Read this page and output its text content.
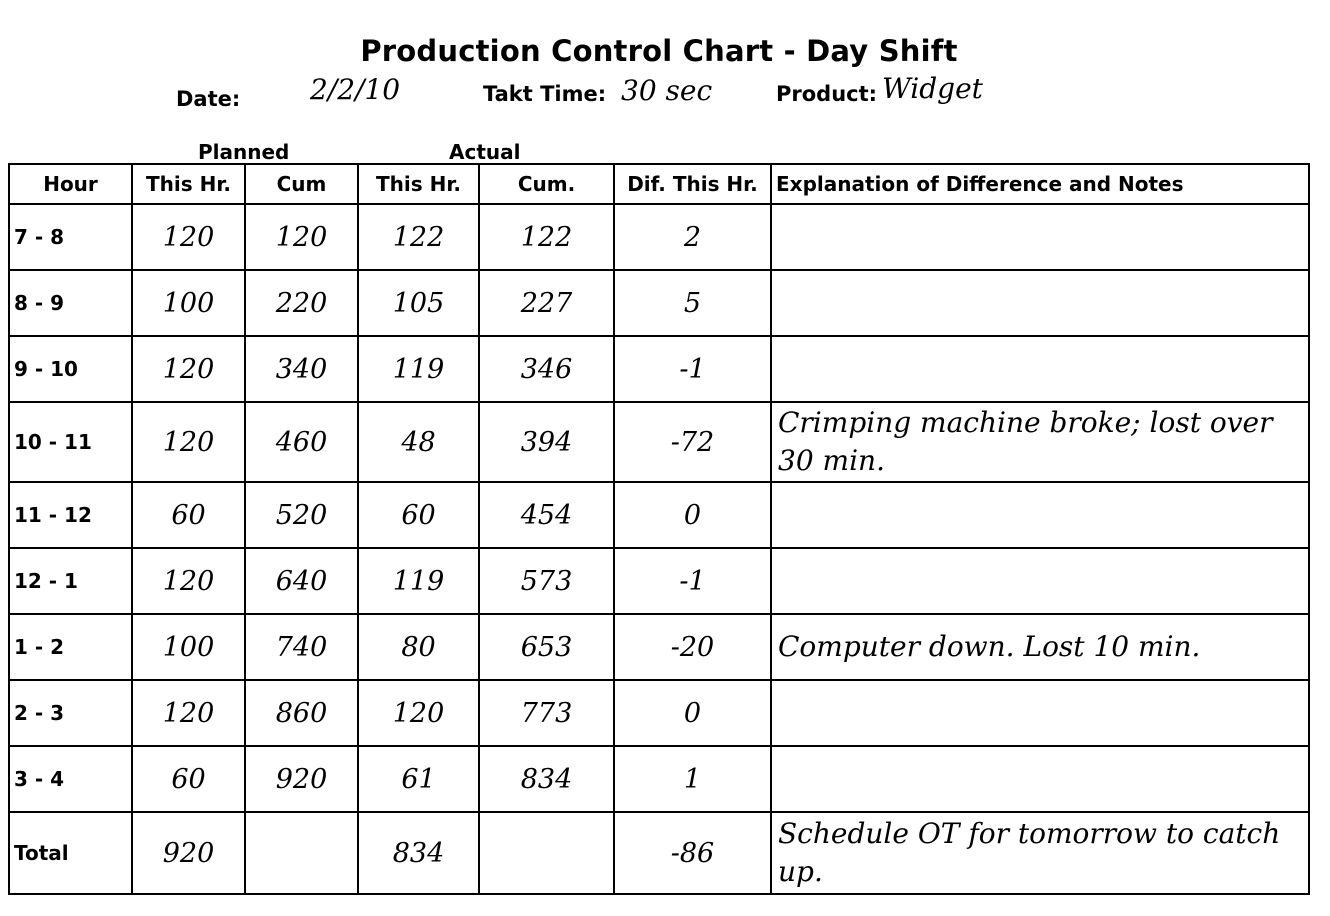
Production Control Chart - Day Shift
Date: 2/2/10	Takt Time: 30 sec	Product: Widget
Planned	Actual
Hour	This Hr.	Cum	This Hr.	Cum.	Dif. This Hr.	Explanation of Difference and Notes
7 - 8	120	120	122	122	2	
8 - 9	100	220	105	227	5	
9 - 10	120	340	119	346	-1	
10 - 11	120	460	48	394	-72	Crimping machine broke; lost over 30 min.
11 - 12	60	520	60	454	0	
12 - 1	120	640	119	573	-1	
1 - 2	100	740	80	653	-20	Computer down. Lost 10 min.
2 - 3	120	860	120	773	0	
3 - 4	60	920	61	834	1	
Total	920		834		-86	Schedule OT for tomorrow to catch up.
